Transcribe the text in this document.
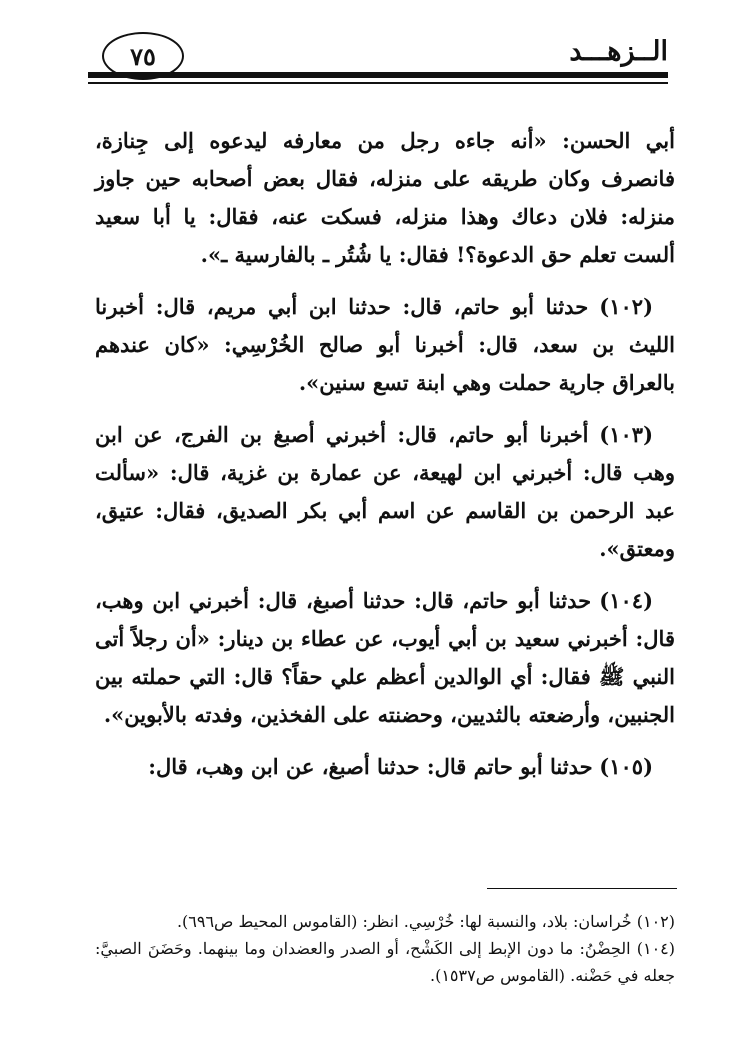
٧٥	الــزهـــد

أبي الحسن: «أنه جاءه رجل من معارفه ليدعوه إلى جِنازة، فانصرف وكان طريقه على منزله، فقال بعض أصحابه حين جاوز منزله: فلان دعاك وهذا منزله، فسكت عنه، فقال: يا أبا سعيد ألست تعلم حق الدعوة؟! فقال: يا شُتُر ـ بالفارسية ـ».

(١٠٢) حدثنا أبو حاتم، قال: حدثنا ابن أبي مريم، قال: أخبرنا الليث بن سعد، قال: أخبرنا أبو صالح الخُرْسِي: «كان عندهم بالعراق جارية حملت وهي ابنة تسع سنين».

(١٠٣) أخبرنا أبو حاتم، قال: أخبرني أصبغ بن الفرج، عن ابن وهب قال: أخبرني ابن لهيعة، عن عمارة بن غزية، قال: «سألت عبد الرحمن بن القاسم عن اسم أبي بكر الصديق، فقال: عتيق، ومعتق».

(١٠٤) حدثنا أبو حاتم، قال: حدثنا أصبغ، قال: أخبرني ابن وهب، قال: أخبرني سعيد بن أبي أيوب، عن عطاء بن دينار: «أن رجلاً أتى النبي ﷺ فقال: أي الوالدين أعظم علي حقاً؟ قال: التي حملته بين الجنبين، وأرضعته بالثديين، وحضنته على الفخذين، وفدته بالأبوين».

(١٠٥) حدثنا أبو حاتم قال: حدثنا أصبغ، عن ابن وهب، قال:

(١٠٢) خُراسان: بلاد، والنسبة لها: خُرْسِي. انظر: (القاموس المحيط ص٦٩٦).

(١٠٤) الحِضْنُ: ما دون الإبط إلى الكَشْح، أو الصدر والعضدان وما بينهما. وحَضَنَ الصبيَّ: جعله في حَضْنه. (القاموس ص١٥٣٧).
